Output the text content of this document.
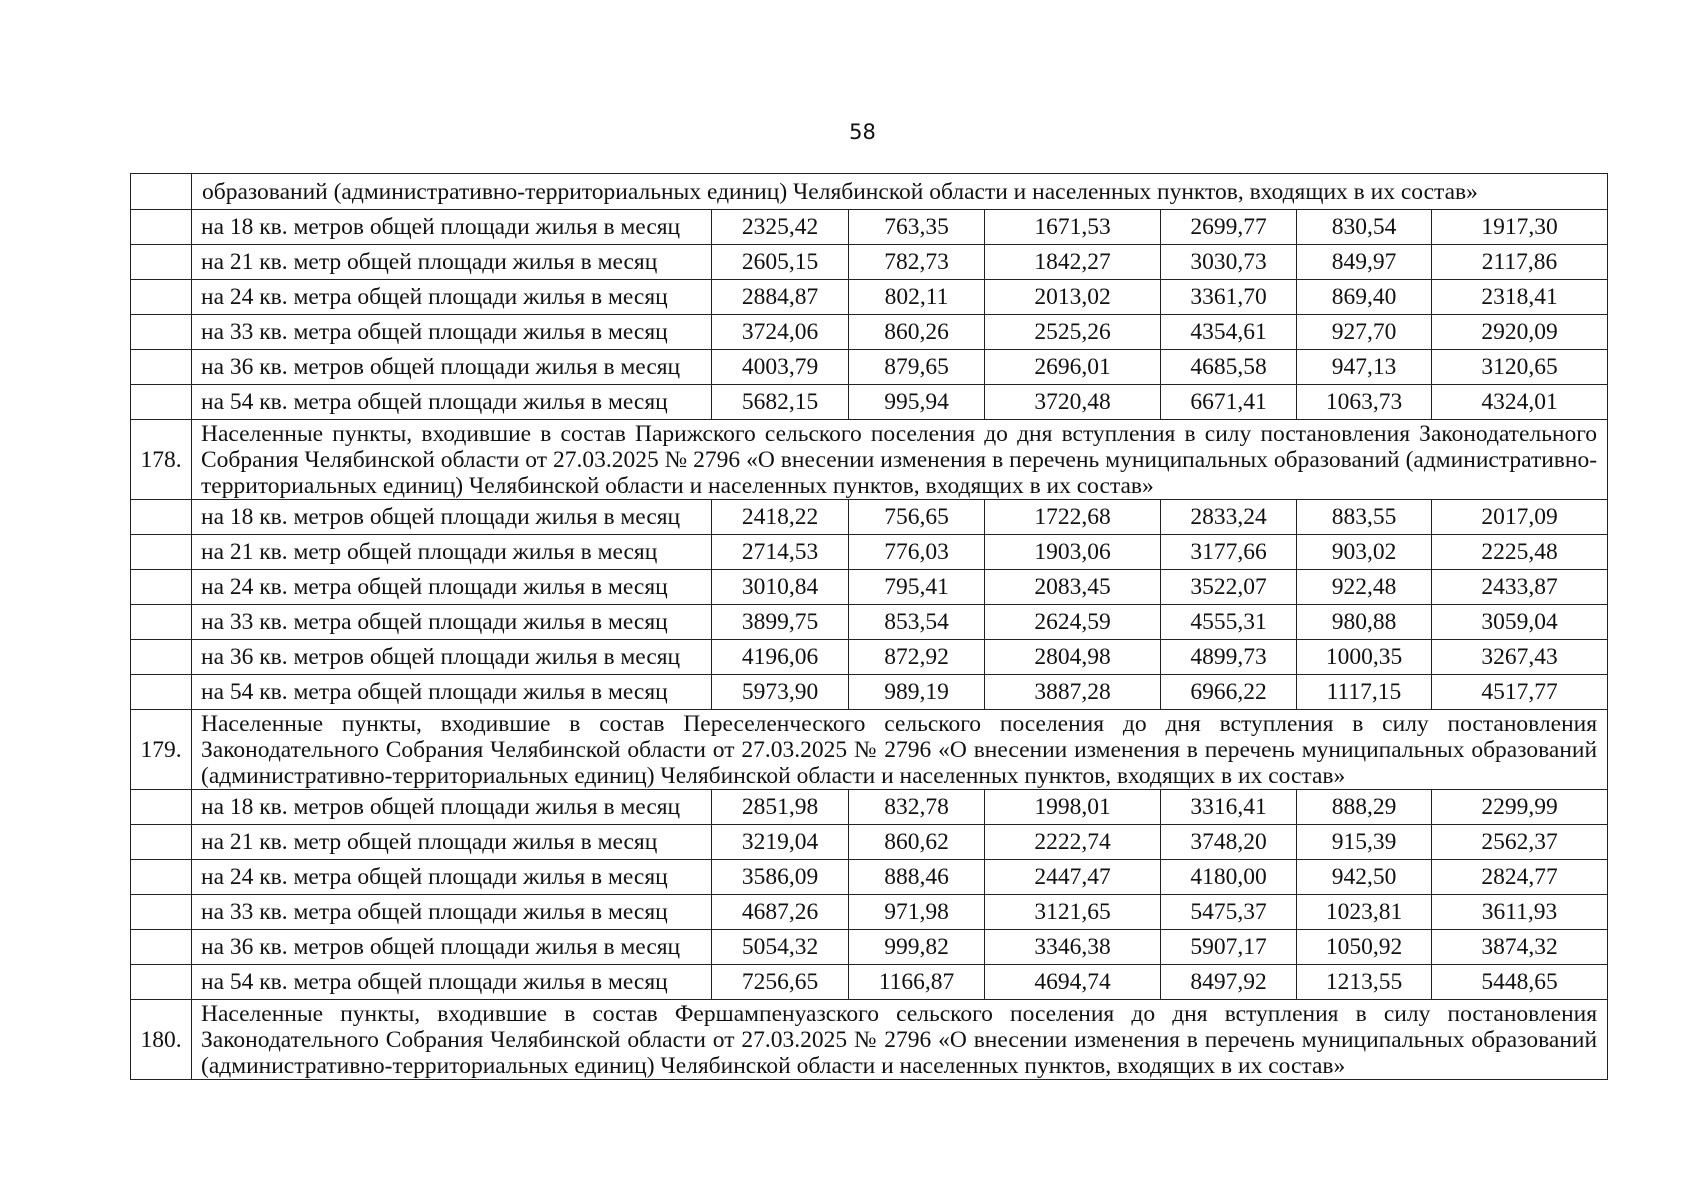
58
	образований (административно-территориальных единиц) Челябинской области и населенных пунктов, входящих в их состав»						
	на 18 кв. метров общей площади жилья в месяц	2325,42	763,35	1671,53	2699,77	830,54	1917,30
	на 21 кв. метр общей площади жилья в месяц	2605,15	782,73	1842,27	3030,73	849,97	2117,86
	на 24 кв. метра общей площади жилья в месяц	2884,87	802,11	2013,02	3361,70	869,40	2318,41
	на 33 кв. метра общей площади жилья в месяц	3724,06	860,26	2525,26	4354,61	927,70	2920,09
	на 36 кв. метров общей площади жилья в месяц	4003,79	879,65	2696,01	4685,58	947,13	3120,65
	на 54 кв. метра общей площади жилья в месяц	5682,15	995,94	3720,48	6671,41	1063,73	4324,01
178.	Населенные пункты, входившие в состав Парижского сельского поселения до дня вступления в силу постановления Законодательного Собрания Челябинской области от 27.03.2025 № 2796 «О внесении изменения в перечень муниципальных образований (административно-территориальных единиц) Челябинской области и населенных пунктов, входящих в их состав»						
	на 18 кв. метров общей площади жилья в месяц	2418,22	756,65	1722,68	2833,24	883,55	2017,09
	на 21 кв. метр общей площади жилья в месяц	2714,53	776,03	1903,06	3177,66	903,02	2225,48
	на 24 кв. метра общей площади жилья в месяц	3010,84	795,41	2083,45	3522,07	922,48	2433,87
	на 33 кв. метра общей площади жилья в месяц	3899,75	853,54	2624,59	4555,31	980,88	3059,04
	на 36 кв. метров общей площади жилья в месяц	4196,06	872,92	2804,98	4899,73	1000,35	3267,43
	на 54 кв. метра общей площади жилья в месяц	5973,90	989,19	3887,28	6966,22	1117,15	4517,77
179.	Населенные пункты, входившие в состав Переселенческого сельского поселения до дня вступления в силу постановления Законодательного Собрания Челябинской области от 27.03.2025 № 2796 «О внесении изменения в перечень муниципальных образований (административно-территориальных единиц) Челябинской области и населенных пунктов, входящих в их состав»						
	на 18 кв. метров общей площади жилья в месяц	2851,98	832,78	1998,01	3316,41	888,29	2299,99
	на 21 кв. метр общей площади жилья в месяц	3219,04	860,62	2222,74	3748,20	915,39	2562,37
	на 24 кв. метра общей площади жилья в месяц	3586,09	888,46	2447,47	4180,00	942,50	2824,77
	на 33 кв. метра общей площади жилья в месяц	4687,26	971,98	3121,65	5475,37	1023,81	3611,93
	на 36 кв. метров общей площади жилья в месяц	5054,32	999,82	3346,38	5907,17	1050,92	3874,32
	на 54 кв. метра общей площади жилья в месяц	7256,65	1166,87	4694,74	8497,92	1213,55	5448,65
180.	Населенные пункты, входившие в состав Фершампенуазского сельского поселения до дня вступления в силу постановления Законодательного Собрания Челябинской области от 27.03.2025 № 2796 «О внесении изменения в перечень муниципальных образований (административно-территориальных единиц) Челябинской области и населенных пунктов, входящих в их состав»						
